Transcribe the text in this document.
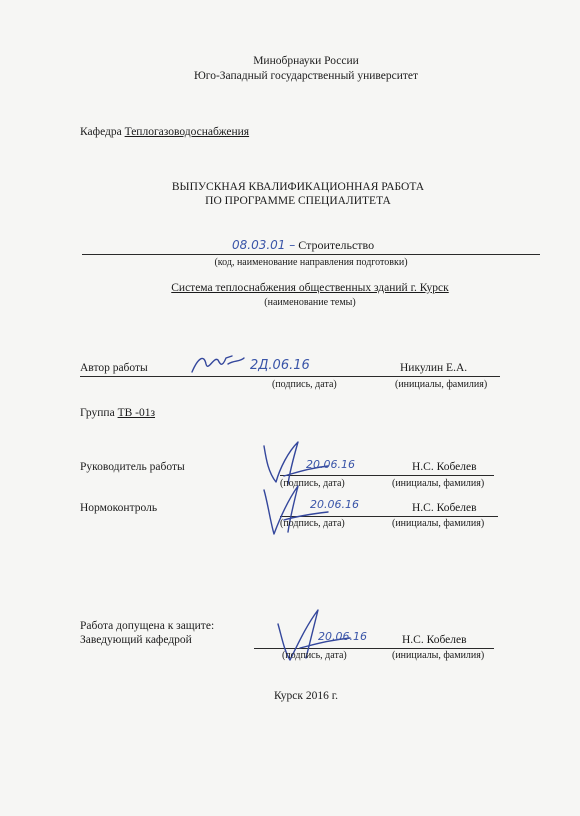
Минобрнауки России
Юго-Западный государственный университет
Кафедра Теплогазоводоснабжения
ВЫПУСКНАЯ КВАЛИФИКАЦИОННАЯ РАБОТА
ПО ПРОГРАММЕ СПЕЦИАЛИТЕТА
08.03.01 – Строительство
(код, наименование направления подготовки)
Система теплоснабжения общественных зданий г. Курск
(наименование темы)
Автор работы	2Д.06.16	Никулин Е.А.
(подпись, дата)	(инициалы, фамилия)
Группа ТВ -01з
Руководитель работы	20.06.16	Н.С. Кобелев
(подпись, дата)	(инициалы, фамилия)
Нормоконтроль	20.06.16	Н.С. Кобелев
(подпись, дата)	(инициалы, фамилия)
Работа допущена к защите:
Заведующий кафедрой	20.06.16	Н.С. Кобелев
(подпись, дата)	(инициалы, фамилия)
Курск 2016 г.
